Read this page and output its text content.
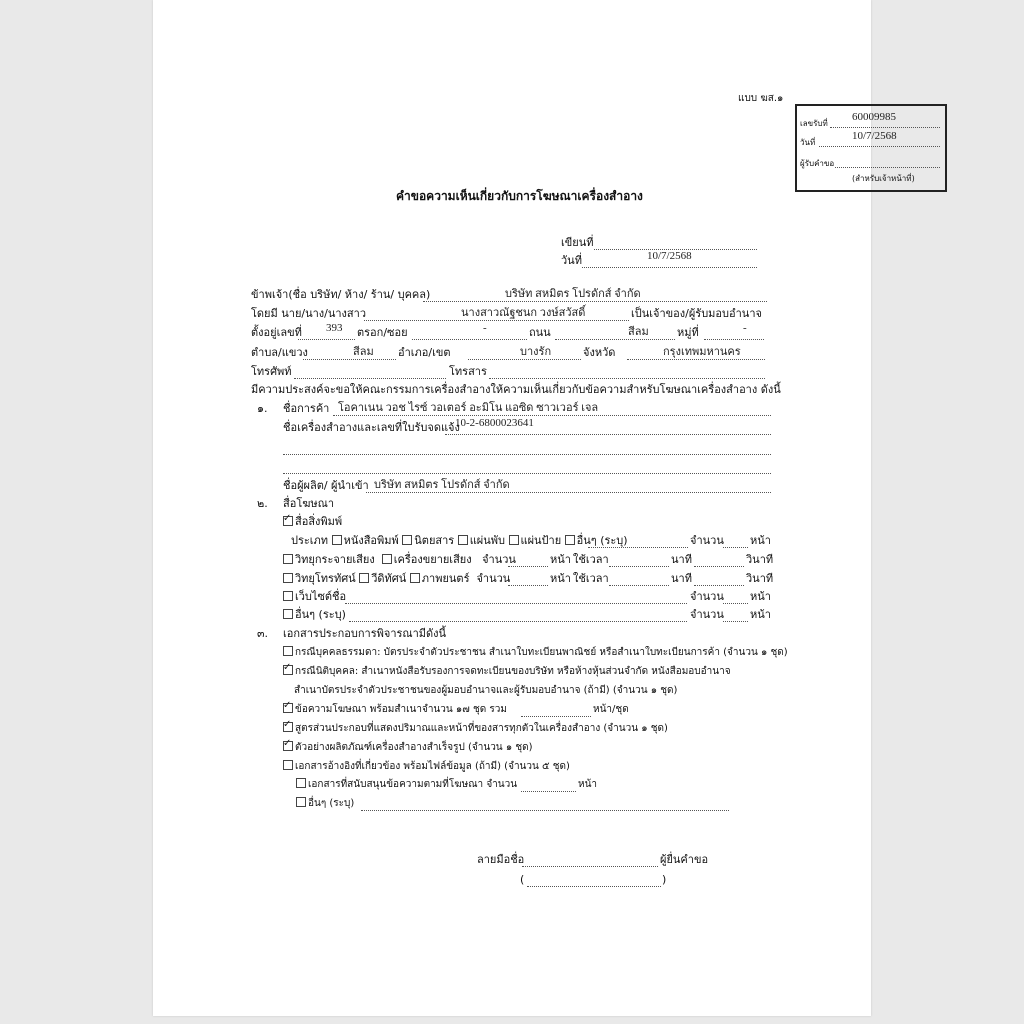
แบบ ฆส.๑
เลขรับที่
60009985
วันที่
10/7/2568
ผู้รับคำขอ
(สำหรับเจ้าหน้าที่)
คำขอความเห็นเกี่ยวกับการโฆษณาเครื่องสำอาง
เขียนที่
วันที่	10/7/2568
ข้าพเจ้า(ชื่อ บริษัท/ ห้าง/ ร้าน/ บุคคล)	บริษัท สหมิตร โปรดักส์ จำกัด
โดยมี นาย/นาง/นางสาว	นางสาวณัฐชนก วงษ์สวัสดิ์	เป็นเจ้าของ/ผู้รับมอบอำนาจ
ตั้งอยู่เลขที่ 393 ตรอก/ซอย	-	ถนน	สีลม	หมู่ที่	-
ตำบล/แขวง	สีลม อำเภอ/เขต	บางรัก	จังหวัด	กรุงเทพมหานคร
โทรศัพท์	โทรสาร
มีความประสงค์จะขอให้คณะกรรมการเครื่องสำอางให้ความเห็นเกี่ยวกับข้อความสำหรับโฆษณาเครื่องสำอาง ดังนี้
๑. ชื่อการค้า โอคาเนน วอช ไรซ์ วอเตอร์ อะมิโน แอซิด ซาวเวอร์ เจล
ชื่อเครื่องสำอางและเลขที่ใบรับจดแจ้ง
10-2-6800023641
ชื่อผู้ผลิต/ ผู้นำเข้า บริษัท สหมิตร โปรดักส์ จำกัด
๒. สื่อโฆษณา
✓สื่อสิ่งพิมพ์
ประเภท หนังสือพิมพ์ นิตยสาร แผ่นพับ แผ่นป้าย อื่นๆ (ระบุ)	จำนวน หน้า
วิทยุกระจายเสียง เครื่องขยายเสียง จำนวน	หน้า ใช้เวลา	นาที	วินาที
วิทยุโทรทัศน์ วีดิทัศน์ ภาพยนตร์ จำนวน	หน้า ใช้เวลา	นาที	วินาที
เว็บไซต์ชื่อ	จำนวน หน้า
อื่นๆ (ระบุ)	จำนวน หน้า
๓. เอกสารประกอบการพิจารณามีดังนี้
กรณีบุคคลธรรมดา: บัตรประจำตัวประชาชน สำเนาใบทะเบียนพาณิชย์ หรือสำเนาใบทะเบียนการค้า (จำนวน ๑ ชุด)
✓กรณีนิติบุคคล: สำเนาหนังสือรับรองการจดทะเบียนของบริษัท หรือห้างหุ้นส่วนจำกัด หนังสือมอบอำนาจ
สำเนาบัตรประจำตัวประชาชนของผู้มอบอำนาจและผู้รับมอบอำนาจ (ถ้ามี) (จำนวน ๑ ชุด)
✓ข้อความโฆษณา พร้อมสำเนาจำนวน ๑๗ ชุด รวม	หน้า/ชุด
✓สูตรส่วนประกอบที่แสดงปริมาณและหน้าที่ของสารทุกตัวในเครื่องสำอาง (จำนวน ๑ ชุด)
✓ตัวอย่างผลิตภัณฑ์เครื่องสำอางสำเร็จรูป (จำนวน ๑ ชุด)
เอกสารอ้างอิงที่เกี่ยวข้อง พร้อมไฟล์ข้อมูล (ถ้ามี) (จำนวน ๕ ชุด)
เอกสารที่สนับสนุนข้อความตามที่โฆษณา จำนวน	หน้า
อื่นๆ (ระบุ)
ลายมือชื่อ	ผู้ยื่นคำขอ
(	)
